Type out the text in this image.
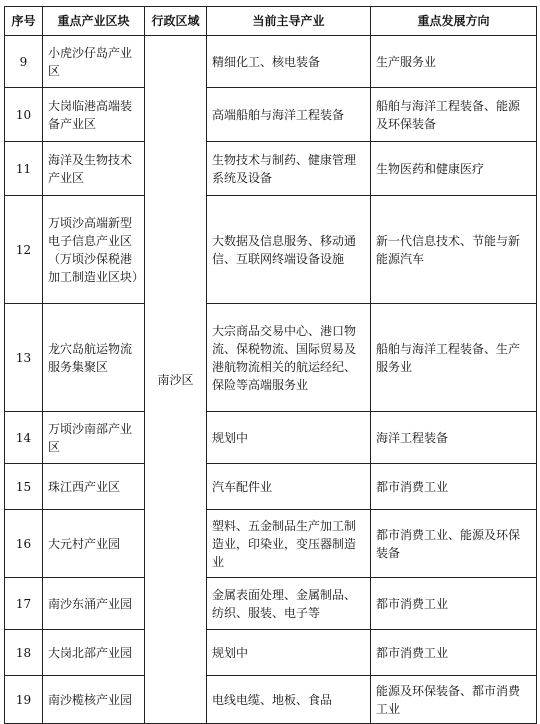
序号	重点产业区块	行政区域	当前主导产业	重点发展方向
9	小虎沙仔岛产业区	南沙区	精细化工、核电装备	生产服务业
10	大岗临港高端装备产业区		高端船舶与海洋工程装备	船舶与海洋工程装备、能源及环保装备
11	海洋及生物技术产业区		生物技术与制药、健康管理系统及设备	生物医药和健康医疗
12	万顷沙高端新型电子信息产业区（万顷沙保税港加工制造业区块）		大数据及信息服务、移动通信、互联网终端设备设施	新一代信息技术、节能与新能源汽车
13	龙穴岛航运物流服务集聚区		大宗商品交易中心、港口物流、保税物流、国际贸易及港航物流相关的航运经纪、保险等高端服务业	船舶与海洋工程装备、生产服务业
14	万顷沙南部产业区		规划中	海洋工程装备
15	珠江西产业区		汽车配件业	都市消费工业
16	大元村产业园		塑料、五金制品生产加工制造业，印染业，变压器制造业	都市消费工业、能源及环保装备
17	南沙东涌产业园		金属表面处理、金属制品、纺织、服装、电子等	都市消费工业
18	大岗北部产业园		规划中	都市消费工业
19	南沙榄核产业园		电线电缆、地板、食品	能源及环保装备、都市消费工业
